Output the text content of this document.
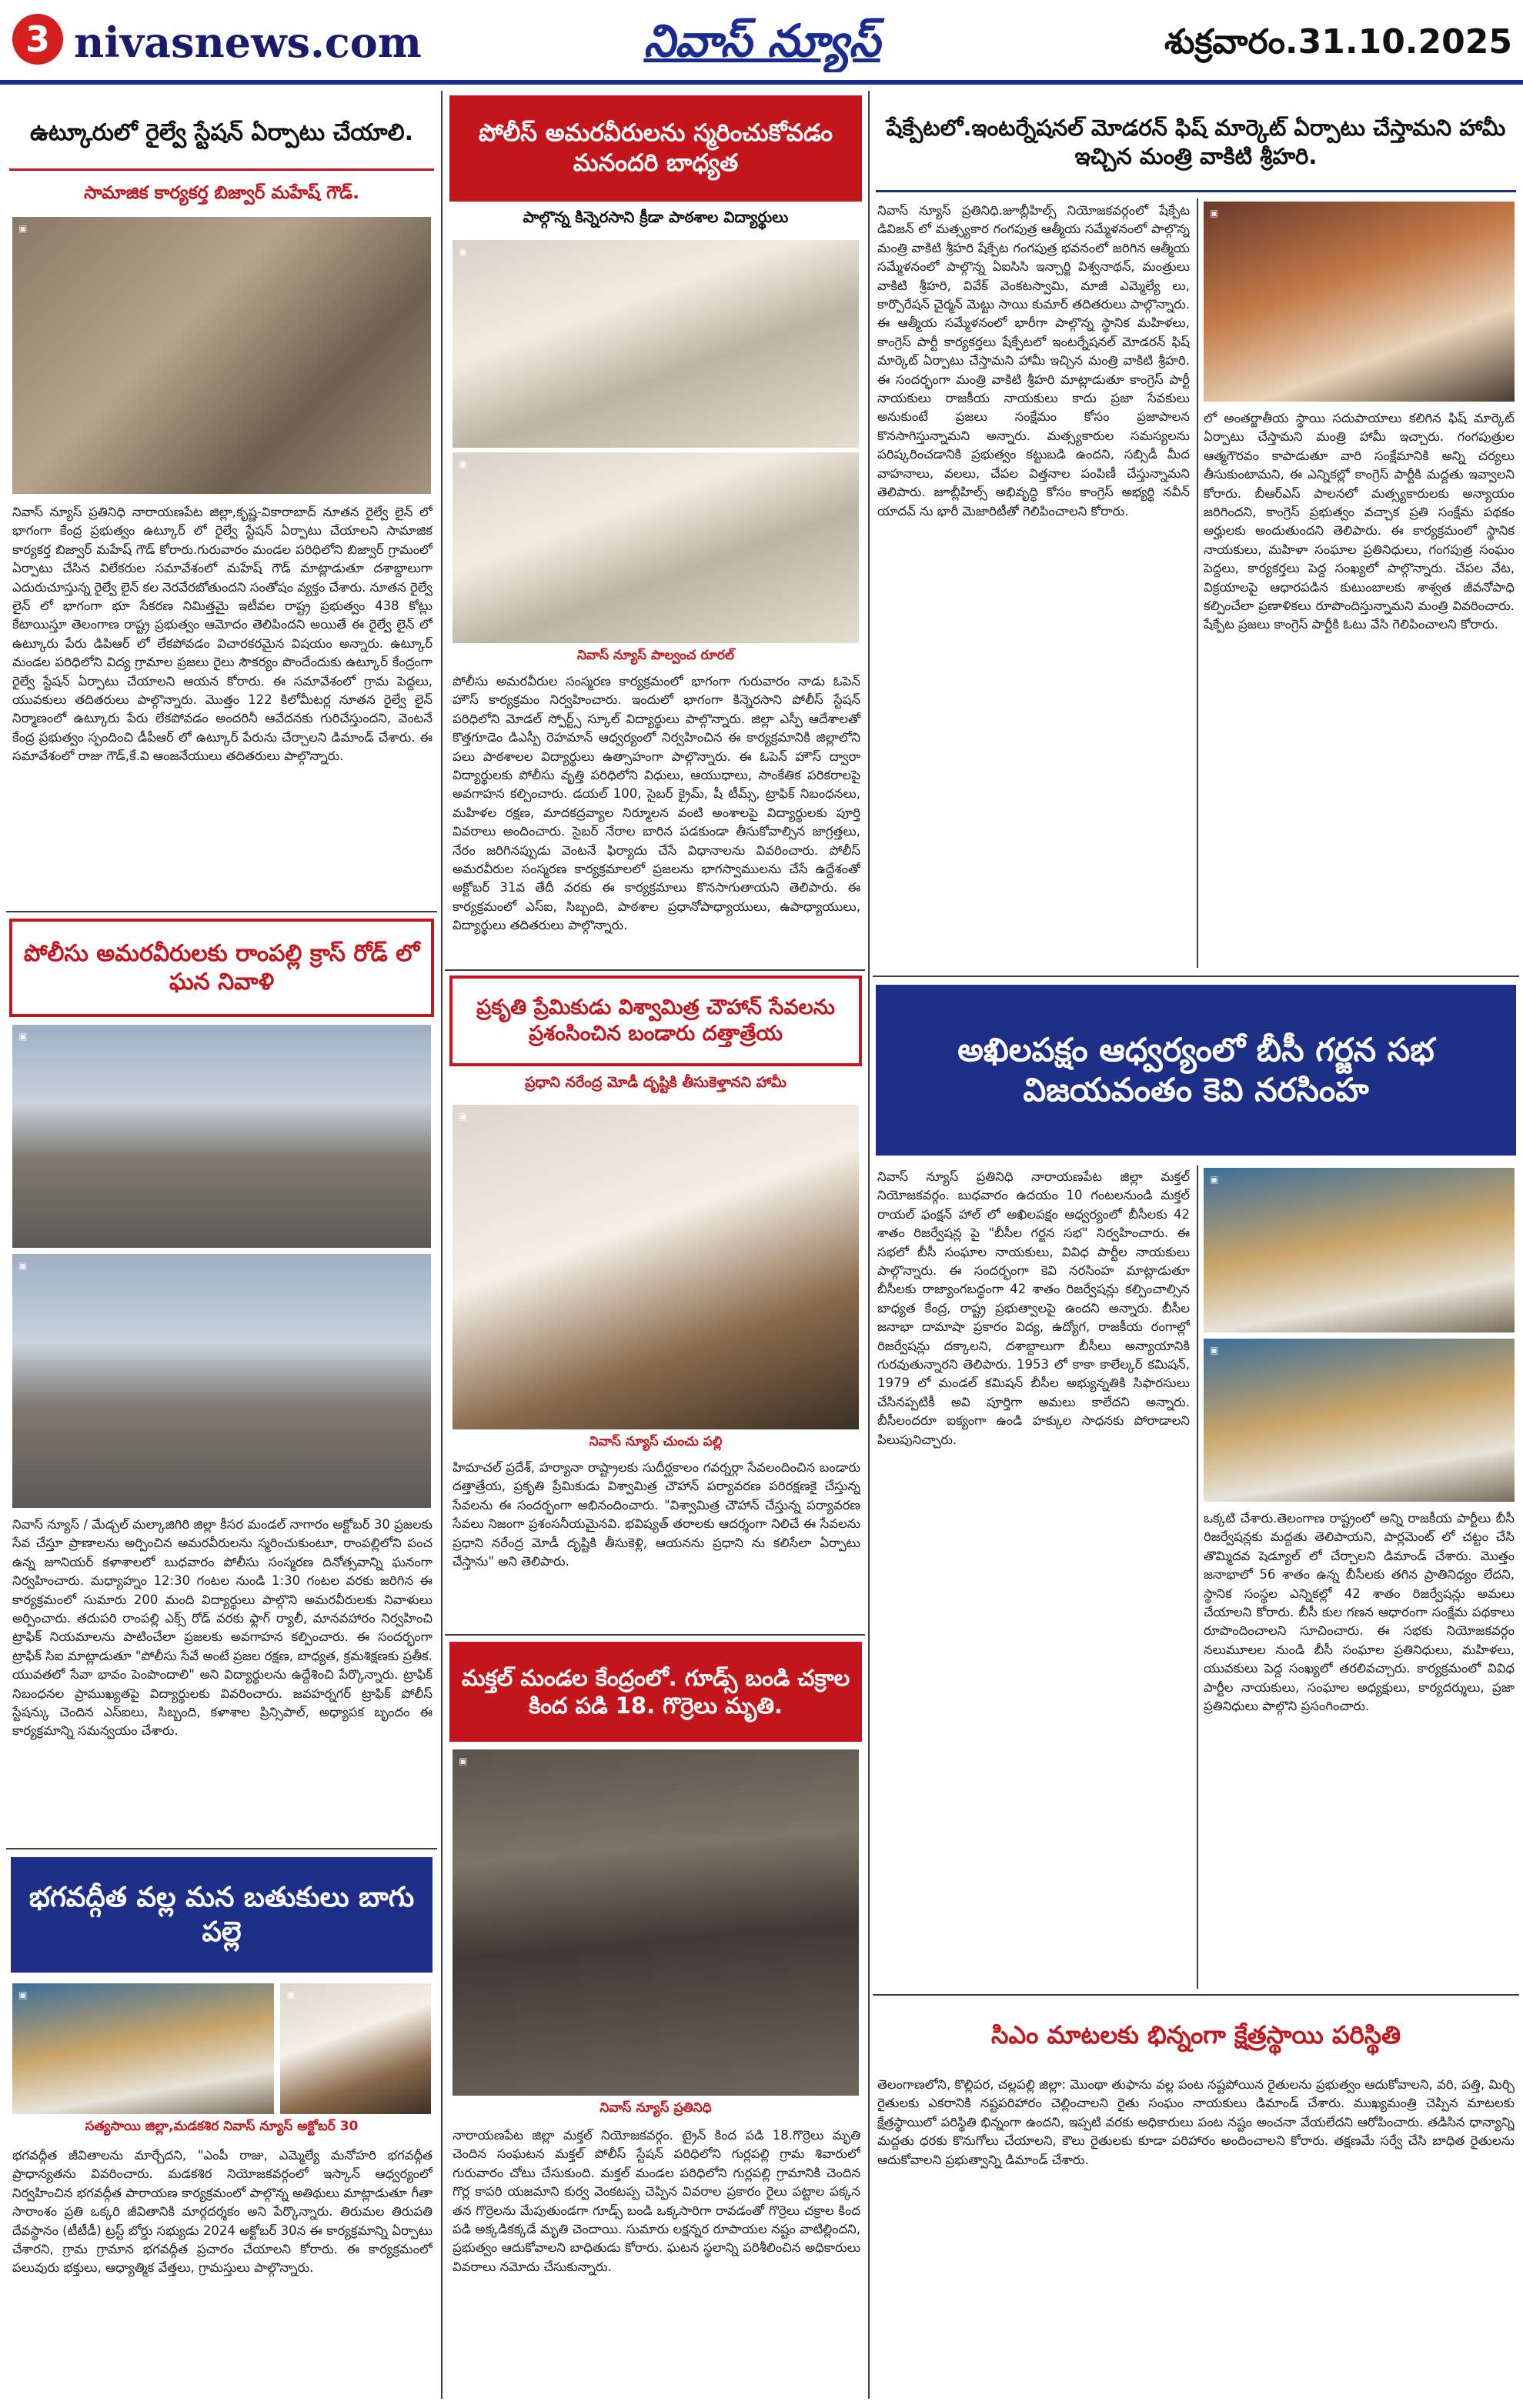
3 nivasnews.com	నివాస్ న్యూస్	శుక్రవారం.31.10.2025
ఉట్కూరులో రైల్వే స్టేషన్ ఏర్పాటు చేయాలి.
సామాజిక కార్యకర్త బిజ్వార్ మహేష్ గౌడ్.
▣
నివాస్ న్యూస్ ప్రతినిధి నారాయణపేట జిల్లా,కృష్ణ-వికారాబాద్ నూతన రైల్వే లైన్ లో భాగంగా కేంద్ర ప్రభుత్వం ఉట్కూర్ లో రైల్వే స్టేషన్ ఏర్పాటు చేయాలని సామాజిక కార్యకర్త బిజ్వార్ మహేష్ గౌడ్ కోరారు.గురువారం మండల పరిధిలోని బిజ్వార్ గ్రామంలో ఏర్పాటు చేసిన విలేకరుల సమావేశంలో మహేష్ గౌడ్ మాట్లాడుతూ దశాబ్దాలుగా ఎదురుచూస్తున్న రైల్వే లైన్ కల నెరవేరబోతుందని సంతోషం వ్యక్తం చేశారు. నూతన రైల్వే లైన్ లో భాగంగా భూ సేకరణ నిమిత్తమై ఇటీవల రాష్ట్ర ప్రభుత్వం 438 కోట్లు కేటాయిస్తూ తెలంగాణ రాష్ట్ర ప్రభుత్వం ఆమోదం తెలిపిందని అయితే ఈ రైల్వే లైన్ లో ఉట్కూరు పేరు డిపిఆర్ లో లేకపోవడం విచారకరమైన విషయం అన్నారు. ఉట్కూర్ మండల పరిధిలోని విద్య గ్రామాల ప్రజలు రైలు సౌకర్యం పొందేందుకు ఉట్కూర్ కేంద్రంగా రైల్వే స్టేషన్ ఏర్పాటు చేయాలని ఆయన కోరారు. ఈ సమావేశంలో గ్రామ పెద్దలు, యువకులు తదితరులు పాల్గొన్నారు. మొత్తం 122 కిలోమీటర్ల నూతన రైల్వే లైన్ నిర్మాణంలో ఉట్కూరు పేరు లేకపోవడం అందరినీ ఆవేదనకు గురిచేస్తుందని, వెంటనే కేంద్ర ప్రభుత్వం స్పందించి డీపీఆర్ లో ఉట్కూర్ పేరును చేర్చాలని డిమాండ్ చేశారు. ఈ సమావేశంలో రాజు గౌడ్,కే.వి ఆంజనేయులు తదితరులు పాల్గొన్నారు.
పోలీసు అమరవీరులకు రాంపల్లి క్రాస్ రోడ్ లో ఘన నివాళి
▣
▣
నివాస్ న్యూస్ / మేడ్చల్ మల్కాజిగిరి జిల్లా కీసర మండల్ నాగారం అక్టోబర్ 30 ప్రజలకు సేవ చేస్తూ ప్రాణాలను అర్పించిన అమరవీరులను స్మరించుకుంటూ, రాంపల్లిలోని పంచ ఉన్న జూనియర్ కళాశాలలో బుధవారం పోలీసు సంస్మరణ దినోత్సవాన్ని ఘనంగా నిర్వహించారు. మధ్యాహ్నం 12:30 గంటల నుండి 1:30 గంటల వరకు జరిగిన ఈ కార్యక్రమంలో సుమారు 200 మంది విద్యార్థులు పాల్గొని అమరవీరులకు నివాళులు అర్పించారు. తదుపరి రాంపల్లి ఎక్స్ రోడ్ వరకు ఫ్లాగ్ ర్యాలీ, మానవహారం నిర్వహించి ట్రాఫిక్ నియమాలను పాటించేలా ప్రజలకు అవగాహన కల్పించారు. ఈ సందర్భంగా ట్రాఫిక్ సిఐ మాట్లాడుతూ "పోలీసు సేవే అంటే ప్రజల రక్షణ, బాధ్యత, క్రమశిక్షణకు ప్రతీక. యువతలో సేవా భావం పెంపొందాలి" అని విద్యార్థులను ఉద్దేశించి పేర్కొన్నారు. ట్రాఫిక్ నిబంధనల ప్రాముఖ్యతపై విద్యార్థులకు వివరించారు. జవహర్నగర్ ట్రాఫిక్ పోలీస్ స్టేషన్కు చెందిన ఎస్ఐలు, సిబ్బంది, కళాశాల ప్రిన్సిపాల్, అధ్యాపక బృందం ఈ కార్యక్రమాన్ని సమన్వయం చేశారు.
భగవద్గీత వల్ల మన బతుకులు బాగు పల్లె
▣	▣
సత్యసాయి జిల్లా,మడకశిర నివాస్ న్యూస్ అక్టోబర్ 30
భగవద్గీత జీవితాలను మార్చేదని, "ఎంపీ రాజు, ఎమ్మెల్యే మనోహరి భగవద్గీత ప్రాధాన్యతను వివరించారు. మడకశిర నియోజకవర్గంలో ఇస్కాన్ ఆధ్వర్యంలో నిర్వహించిన భగవద్గీత పారాయణ కార్యక్రమంలో పాల్గొన్న అతిథులు మాట్లాడుతూ గీతా సారాంశం ప్రతి ఒక్కరి జీవితానికి మార్గదర్శకం అని పేర్కొన్నారు. తిరుమల తిరుపతి దేవస్థానం (టీటీడీ) ట్రస్ట్ బోర్డు సభ్యుడు 2024 అక్టోబర్ 30న ఈ కార్యక్రమాన్ని ఏర్పాటు చేశారని, గ్రామ గ్రామాన భగవద్గీత ప్రచారం చేయాలని కోరారు. ఈ కార్యక్రమంలో పలువురు భక్తులు, ఆధ్యాత్మిక వేత్తలు, గ్రామస్తులు పాల్గొన్నారు.
పోలీస్ అమరవీరులను స్మరించుకోవడం మనందరి బాధ్యత
పాల్గొన్న కిన్నెరసాని క్రీడా పాఠశాల విద్యార్థులు
▣
▣
నివాస్ న్యూస్ పాల్వంచ రూరల్
పోలీసు అమరవీరుల సంస్మరణ కార్యక్రమంలో భాగంగా గురువారం నాడు ఓపెన్ హౌస్ కార్యక్రమం నిర్వహించారు. ఇందులో భాగంగా కిన్నెరసాని పోలీస్ స్టేషన్ పరిధిలోని మోడల్ స్పోర్ట్స్ స్కూల్ విద్యార్థులు పాల్గొన్నారు. జిల్లా ఎస్పీ ఆదేశాలతో కొత్తగూడెం డిఎస్పీ రెహమాన్ ఆధ్వర్యంలో నిర్వహించిన ఈ కార్యక్రమానికి జిల్లాలోని పలు పాఠశాలల విద్యార్థులు ఉత్సాహంగా పాల్గొన్నారు. ఈ ఓపెన్ హౌస్ ద్వారా విద్యార్థులకు పోలీసు వృత్తి పరిధిలోని విధులు, ఆయుధాలు, సాంకేతిక పరికరాలపై అవగాహన కల్పించారు. డయల్ 100, సైబర్ క్రైమ్, షీ టీమ్స్, ట్రాఫిక్ నిబంధనలు, మహిళల రక్షణ, మాదకద్రవ్యాల నిర్మూలన వంటి అంశాలపై విద్యార్థులకు పూర్తి వివరాలు అందించారు. సైబర్ నేరాల బారిన పడకుండా తీసుకోవాల్సిన జాగ్రత్తలు, నేరం జరిగినప్పుడు వెంటనే ఫిర్యాదు చేసే విధానాలను వివరించారు. పోలీస్ అమరవీరుల సంస్మరణ కార్యక్రమాలలో ప్రజలను భాగస్వాములను చేసే ఉద్దేశంతో అక్టోబర్ 31వ తేదీ వరకు ఈ కార్యక్రమాలు కొనసాగుతాయని తెలిపారు. ఈ కార్యక్రమంలో ఎస్ఐ, సిబ్బంది, పాఠశాల ప్రధానోపాధ్యాయులు, ఉపాధ్యాయులు, విద్యార్థులు తదితరులు పాల్గొన్నారు.
ప్రకృతి ప్రేమికుడు విశ్వామిత్ర చౌహాన్ సేవలను ప్రశంసించిన బండారు దత్తాత్రేయ
ప్రధాని నరేంద్ర మోడీ దృష్టికి తీసుకెళ్తానని హామీ
▣
నివాస్ న్యూస్ చుంచు పల్లి
హిమాచల్ ప్రదేశ్, హర్యానా రాష్ట్రాలకు సుదీర్ఘకాలం గవర్నర్గా సేవలందించిన బండారు దత్తాత్రేయ, ప్రకృతి ప్రేమికుడు విశ్వామిత్ర చౌహాన్ పర్యావరణ పరిరక్షణకై చేస్తున్న సేవలను ఈ సందర్భంగా అభినందించారు. "విశ్వామిత్ర చౌహాన్ చేస్తున్న పర్యావరణ సేవలు నిజంగా ప్రశంసనీయమైనవి. భవిష్యత్ తరాలకు ఆదర్శంగా నిలిచే ఈ సేవలను ప్రధాని నరేంద్ర మోడీ దృష్టికి తీసుకెళ్లి, ఆయనను ప్రధాని ను కలిసేలా ఏర్పాటు చేస్తాను" అని తెలిపారు.
మక్తల్ మండల కేంద్రంలో. గూడ్స్ బండి చక్రాల కింద పడి 18. గొర్రెలు మృతి.
▣
నివాస్ న్యూస్ ప్రతినిధి
నారాయణపేట జిల్లా మక్తల్ నియోజకవర్గం. ట్రైన్ కింద పడి 18.గొర్రెలు మృతి చెందిన సంఘటన మక్తల్ పోలీస్ స్టేషన్ పరిధిలోని గుర్లపల్లి గ్రామ శివారులో గురువారం చోటు చేసుకుంది. మక్తల్ మండల పరిధిలోని గుర్లపల్లి గ్రామానికి చెందిన గొర్ల కాపరి యజమాని కుర్వ వెంకటప్ప చెప్పిన వివరాల ప్రకారం రైలు పట్టాల పక్కన తన గొర్రెలను మేపుతుండగా గూడ్స్ బండి ఒక్కసారిగా రావడంతో గొర్రెలు చక్రాల కింద పడి అక్కడికక్కడే మృతి చెందాయి. సుమారు లక్షన్నర రూపాయల నష్టం వాటిల్లిందని, ప్రభుత్వం ఆదుకోవాలని బాధితుడు కోరారు. ఘటన స్థలాన్ని పరిశీలించిన అధికారులు వివరాలు నమోదు చేసుకున్నారు.
షేక్పేటలో.ఇంటర్నేషనల్ మోడరన్ ఫిష్ మార్కెట్ ఏర్పాటు చేస్తామని హామీ ఇచ్చిన మంత్రి వాకిటి శ్రీహరి.
నివాస్ న్యూస్ ప్రతినిధి.జూబ్లీహిల్స్ నియోజకవర్గంలో షేక్పేట డివిజన్ లో మత్స్యకార గంగపుత్ర ఆత్మీయ సమ్మేళనంలో పాల్గొన్న మంత్రి వాకిటి శ్రీహరి షేక్పేట గంగపుత్ర భవనంలో జరిగిన ఆత్మీయ సమ్మేళనంలో పాల్గొన్న ఏఐసిసి ఇన్చార్జి విశ్వనాథన్, మంత్రులు వాకిటి శ్రీహరి, వివేక్ వెంకటస్వామి, మాజీ ఎమ్మెల్యే లు, కార్పొరేషన్ చైర్మన్ మెట్టు సాయి కుమార్ తదితరులు పాల్గొన్నారు. ఈ ఆత్మీయ సమ్మేళనంలో భారీగా పాల్గొన్న స్థానిక మహిళలు, కాంగ్రెస్ పార్టీ కార్యకర్తలు షేక్పేటలో ఇంటర్నేషనల్ మోడరన్ ఫిష్ మార్కెట్ ఏర్పాటు చేస్తామని హామీ ఇచ్చిన మంత్రి వాకిటి శ్రీహరి. ఈ సందర్భంగా మంత్రి వాకిటి శ్రీహరి మాట్లాడుతూ కాంగ్రెస్ పార్టీ నాయకులు రాజకీయ నాయకులు కాదు ప్రజా సేవకులు అనుకుంటే ప్రజలు సంక్షేమం కోసం ప్రజాపాలన కొనసాగిస్తున్నామని అన్నారు. మత్స్యకారుల సమస్యలను పరిష్కరించడానికి ప్రభుత్వం కట్టుబడి ఉందని, సబ్సిడీ మీద వాహనాలు, వలలు, చేపల విత్తనాల పంపిణీ చేస్తున్నామని తెలిపారు. జూబ్లీహిల్స్ అభివృద్ధి కోసం కాంగ్రెస్ అభ్యర్థి నవీన్ యాదవ్ ను భారీ మెజారిటీతో గెలిపించాలని కోరారు.
▣
లో అంతర్జాతీయ స్థాయి సదుపాయాలు కలిగిన ఫిష్ మార్కెట్ ఏర్పాటు చేస్తామని మంత్రి హామీ ఇచ్చారు. గంగపుత్రుల ఆత్మగౌరవం కాపాడుతూ వారి సంక్షేమానికి అన్ని చర్యలు తీసుకుంటామని, ఈ ఎన్నికల్లో కాంగ్రెస్ పార్టీకి మద్దతు ఇవ్వాలని కోరారు. బీఆర్ఎస్ పాలనలో మత్స్యకారులకు అన్యాయం జరిగిందని, కాంగ్రెస్ ప్రభుత్వం వచ్చాక ప్రతి సంక్షేమ పథకం అర్హులకు అందుతుందని తెలిపారు. ఈ కార్యక్రమంలో స్థానిక నాయకులు, మహిళా సంఘాల ప్రతినిధులు, గంగపుత్ర సంఘం పెద్దలు, కార్యకర్తలు పెద్ద సంఖ్యలో పాల్గొన్నారు. చేపల వేట, విక్రయాలపై ఆధారపడిన కుటుంబాలకు శాశ్వత జీవనోపాధి కల్పించేలా ప్రణాళికలు రూపొందిస్తున్నామని మంత్రి వివరించారు. షేక్పేట ప్రజలు కాంగ్రెస్ పార్టీకి ఓటు వేసి గెలిపించాలని కోరారు.
అఖిలపక్షం ఆధ్వర్యంలో బీసీ గర్జన సభ విజయవంతం కెవి నరసింహ
నివాస్ న్యూస్ ప్రతినిధి నారాయణపేట జిల్లా మక్తల్ నియోజకవర్గం. బుధవారం ఉదయం 10 గంటలనుండి మక్తల్ రాయల్ ఫంక్షన్ హాల్ లో అఖిలపక్షం ఆధ్వర్యంలో బీసీలకు 42 శాతం రిజర్వేషన్ల పై "బీసీల గర్జన సభ" నిర్వహించారు. ఈ సభలో బీసీ సంఘాల నాయకులు, వివిధ పార్టీల నాయకులు పాల్గొన్నారు. ఈ సందర్భంగా కెవి నరసింహ మాట్లాడుతూ బీసీలకు రాజ్యాంగబద్ధంగా 42 శాతం రిజర్వేషన్లు కల్పించాల్సిన బాధ్యత కేంద్ర, రాష్ట్ర ప్రభుత్వాలపై ఉందని అన్నారు. బీసీల జనాభా దామాషా ప్రకారం విద్య, ఉద్యోగ, రాజకీయ రంగాల్లో రిజర్వేషన్లు దక్కాలని, దశాబ్దాలుగా బీసీలు అన్యాయానికి గురవుతున్నారని తెలిపారు. 1953 లో కాకా కాలేల్కర్ కమిషన్, 1979 లో మండల్ కమిషన్ బీసీల అభ్యున్నతికి సిఫారసులు చేసినప్పటికీ అవి పూర్తిగా అమలు కాలేదని అన్నారు. బీసీలందరూ ఐక్యంగా ఉండి హక్కుల సాధనకు పోరాడాలని పిలుపునిచ్చారు.
▣
▣
ఒక్కటి చేశారు.తెలంగాణ రాష్ట్రంలో అన్ని రాజకీయ పార్టీలు బీసీ రిజర్వేషన్లకు మద్దతు తెలిపాయని, పార్లమెంట్ లో చట్టం చేసి తొమ్మిదవ షెడ్యూల్ లో చేర్చాలని డిమాండ్ చేశారు. మొత్తం జనాభాలో 56 శాతం ఉన్న బీసీలకు తగిన ప్రాతినిధ్యం లేదని, స్థానిక సంస్థల ఎన్నికల్లో 42 శాతం రిజర్వేషన్లు అమలు చేయాలని కోరారు. బీసీ కుల గణన ఆధారంగా సంక్షేమ పథకాలు రూపొందించాలని సూచించారు. ఈ సభకు నియోజకవర్గం నలుమూలల నుండి బీసీ సంఘాల ప్రతినిధులు, మహిళలు, యువకులు పెద్ద సంఖ్యలో తరలివచ్చారు. కార్యక్రమంలో వివిధ పార్టీల నాయకులు, సంఘాల అధ్యక్షులు, కార్యదర్శులు, ప్రజా ప్రతినిధులు పాల్గొని ప్రసంగించారు.
సిఎం మాటలకు భిన్నంగా క్షేత్రస్థాయి పరిస్థితి
తెలంగాణలోని, కొల్లిపర, చల్లపల్లి జిల్లా: మొంథా తుఫాను వల్ల పంట నష్టపోయిన రైతులను ప్రభుత్వం ఆదుకోవాలని, వరి, పత్తి, మిర్చి రైతులకు ఎకరానికి నష్టపరిహారం చెల్లించాలని రైతు సంఘం నాయకులు డిమాండ్ చేశారు. ముఖ్యమంత్రి చెప్పిన మాటలకు క్షేత్రస్థాయిలో పరిస్థితి భిన్నంగా ఉందని, ఇప్పటి వరకు అధికారులు పంట నష్టం అంచనా వేయలేదని ఆరోపించారు. తడిసిన ధాన్యాన్ని మద్దతు ధరకు కొనుగోలు చేయాలని, కౌలు రైతులకు కూడా పరిహారం అందించాలని కోరారు. తక్షణమే సర్వే చేసి బాధిత రైతులను ఆదుకోవాలని ప్రభుత్వాన్ని డిమాండ్ చేశారు.
